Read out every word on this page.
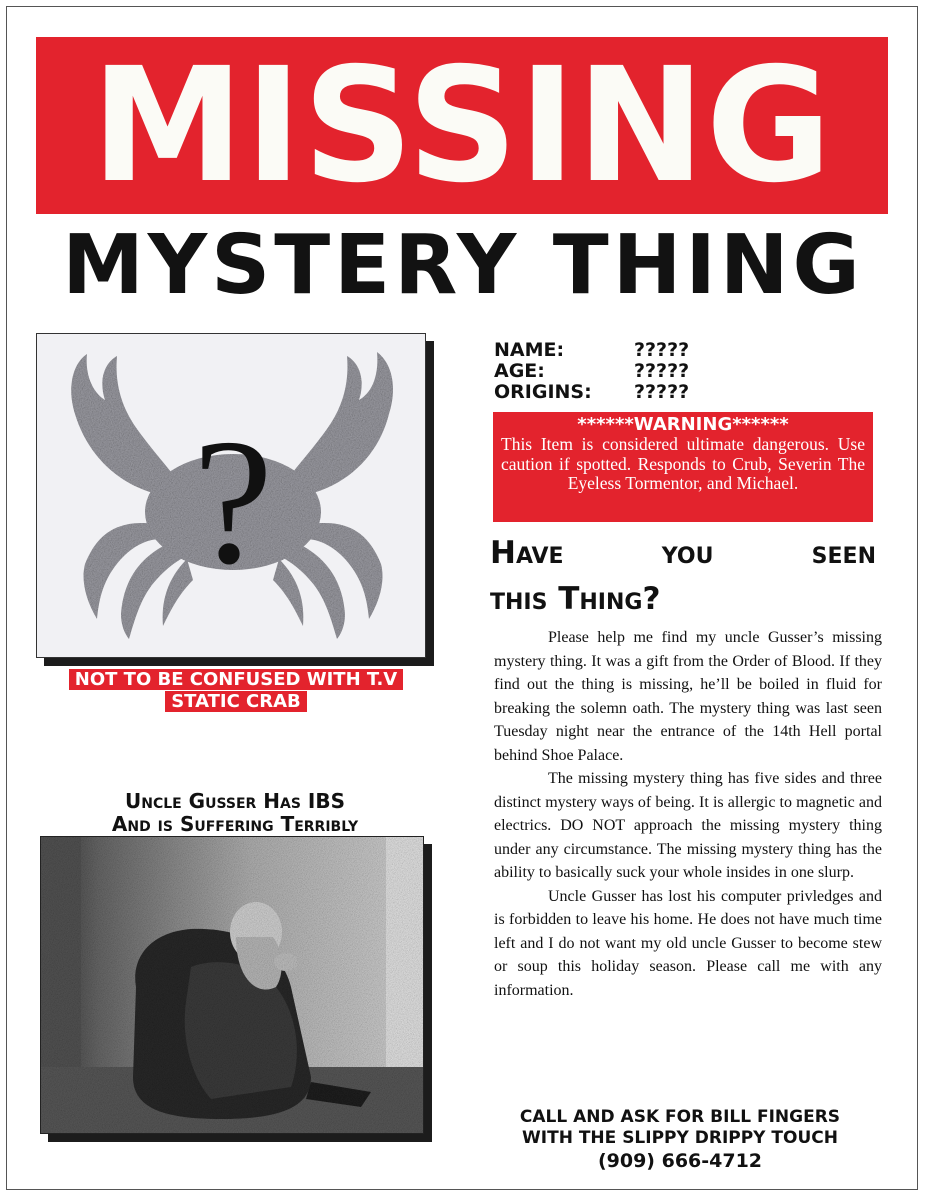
MISSING
MYSTERY THING
?
NOT TO BE CONFUSED WITH T.V
STATIC CRAB
Uncle Gusser Has IBS
And is Suffering Terribly
NAME:	?????
AGE:	?????
ORIGINS:	?????
******WARNING******
This Item is considered ultimate dangerous. Use caution if spotted. Responds to Crub, Severin The Eyeless Tormentor, and Michael.
Have	you	seen
this Thing?

Please help me find my uncle Gusser’s missing mystery thing. It was a gift from the Order of Blood. If they find out the thing is missing, he’ll be boiled in fluid for breaking the solemn oath. The mystery thing was last seen Tuesday night near the entrance of the 14th Hell portal behind Shoe Palace.

The missing mystery thing has five sides and three distinct mystery ways of being. It is allergic to magnetic and electrics. DO NOT approach the missing mystery thing under any circumstance. The missing mystery thing has the ability to basically suck your whole insides in one slurp.

Uncle Gusser has lost his computer privledges and is forbidden to leave his home. He does not have much time left and I do not want my old uncle Gusser to become stew or soup this holiday season. Please call me with any information.

CALL AND ASK FOR BILL FINGERS
WITH THE SLIPPY DRIPPY TOUCH
(909) 666-4712
